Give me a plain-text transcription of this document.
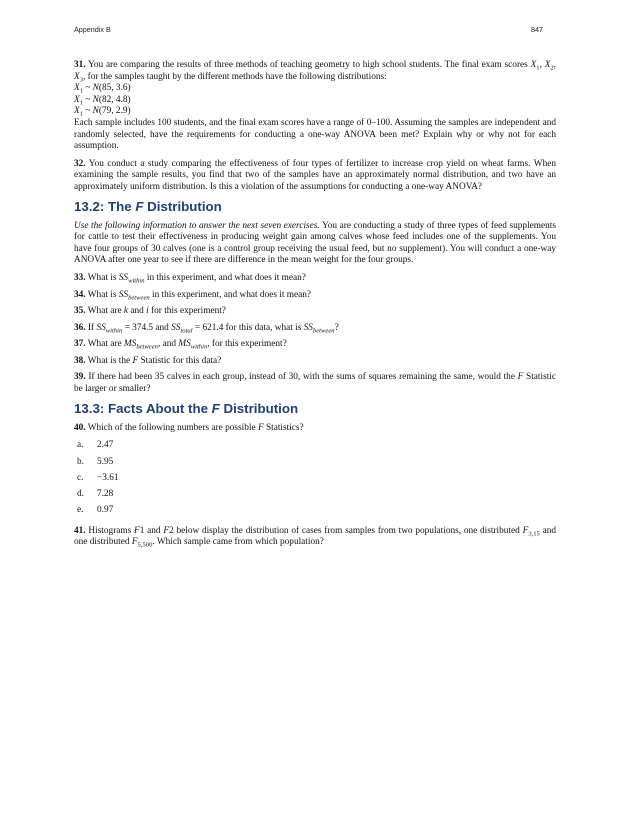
Appendix B	847

31. You are comparing the results of three methods of teaching geometry to high school students. The final exam scores $X_1$, $X_2$, $X_3$, for the samples taught by the different methods have the following distributions:

$X_1$ ~ N(85, 3.6)

$X_1$ ~ N(82, 4.8)

$X_1$ ~ N(79, 2.9)

Each sample includes 100 students, and the final exam scores have a range of 0–100. Assuming the samples are independent and randomly selected, have the requirements for conducting a one-way ANOVA been met? Explain why or why not for each assumption.

32. You conduct a study comparing the effectiveness of four types of fertilizer to increase crop yield on wheat farms. When examining the sample results, you find that two of the samples have an approximately normal distribution, and two have an approximately uniform distribution. Is this a violation of the assumptions for conducting a one-way ANOVA?

13.2: The F Distribution

Use the following information to answer the next seven exercises. You are conducting a study of three types of feed supplements for cattle to test their effectiveness in producing weight gain among calves whose feed includes one of the supplements. You have four groups of 30 calves (one is a control group receiving the usual feed, but no supplement). You will conduct a one-way ANOVA after one year to see if there are difference in the mean weight for the four groups.

33. What is $SS_{within}$ in this experiment, and what does it mean?

34. What is $SS_{between}$ in this experiment, and what does it mean?

35. What are k and i for this experiment?

36. If $SS_{within} = 374.5$ and $SS_{total} = 621.4$ for this data, what is $SS_{between}$?

37. What are $MS_{between}$, and $MS_{within}$, for this experiment?

38. What is the F Statistic for this data?

39. If there had been 35 calves in each group, instead of 30, with the sums of squares remaining the same, would the F Statistic be larger or smaller?

13.3: Facts About the F Distribution

40. Which of the following numbers are possible F Statistics?

a. 2.47
b. 5.95
c. −3.61
d. 7.28
e. 0.97

41. Histograms F1 and F2 below display the distribution of cases from samples from two populations, one distributed $F_{3,15}$ and one distributed $F_{5,500}$. Which sample came from which population?
